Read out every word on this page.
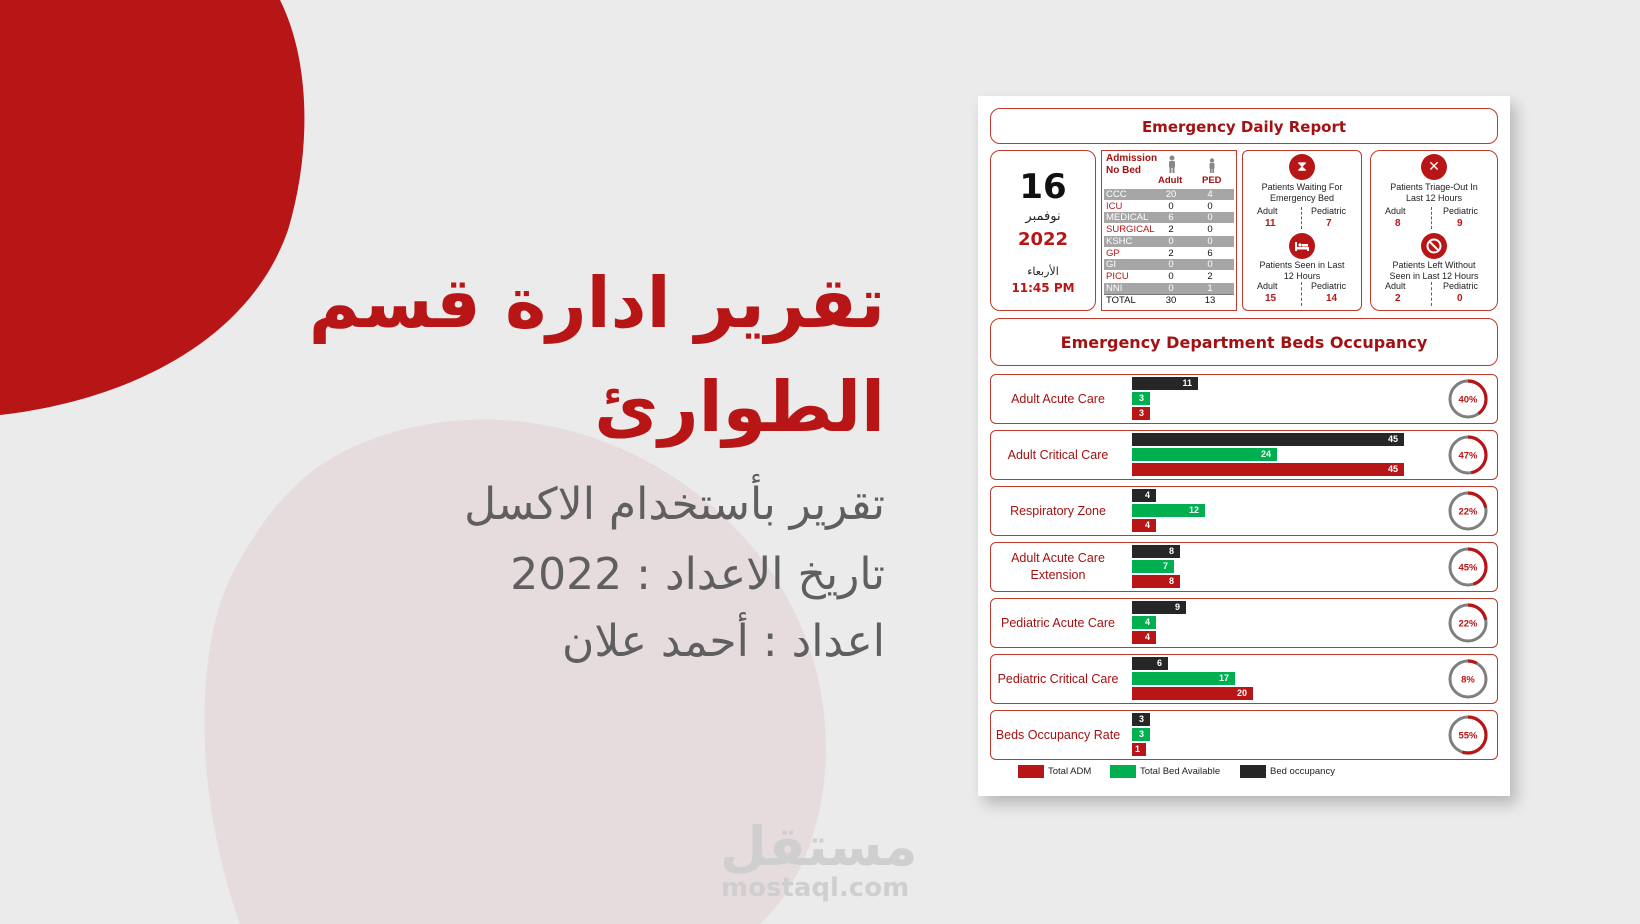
تقرير ادارة قسم
الطوارئ
تقرير بأستخدام الاكسل
تاريخ الاعداد : 2022
اعداد : أحمد علان
مستقل
mostaql.com
Emergency Daily Report
16
نوفمبر
2022
الأربعاء
11:45 PM
Admission
No Bed
Adult PED
CCC	20	4
ICU	0	0
MEDICAL	6	0
SURGICAL	2	0
KSHC	0	0
GP	2	6
GI	0	0
PICU	0	2
NNI	0	1
TOTAL	30	13
⧗
Patients Waiting For
Emergency Bed
Adult	Pediatric
11	7
Patients Seen in Last
12 Hours
Adult	Pediatric
15	14
✕
Patients Triage-Out In
Last 12 Hours
Adult	Pediatric
8	9
Patients Left Without
Seen in Last 12 Hours
Adult	Pediatric
2	0
Emergency Department Beds Occupancy
Adult Acute Care
11
3
3
40%
Adult Critical Care
45
24
45
47%
Respiratory Zone
4
12
4
22%
Adult Acute Care Extension
8
7
8
45%
Pediatric Acute Care
9
4
4
22%
Pediatric Critical Care
6
17
20
8%
Beds Occupancy Rate
3
3
1
55%
Total ADM	Total Bed Available	Bed occupancy
